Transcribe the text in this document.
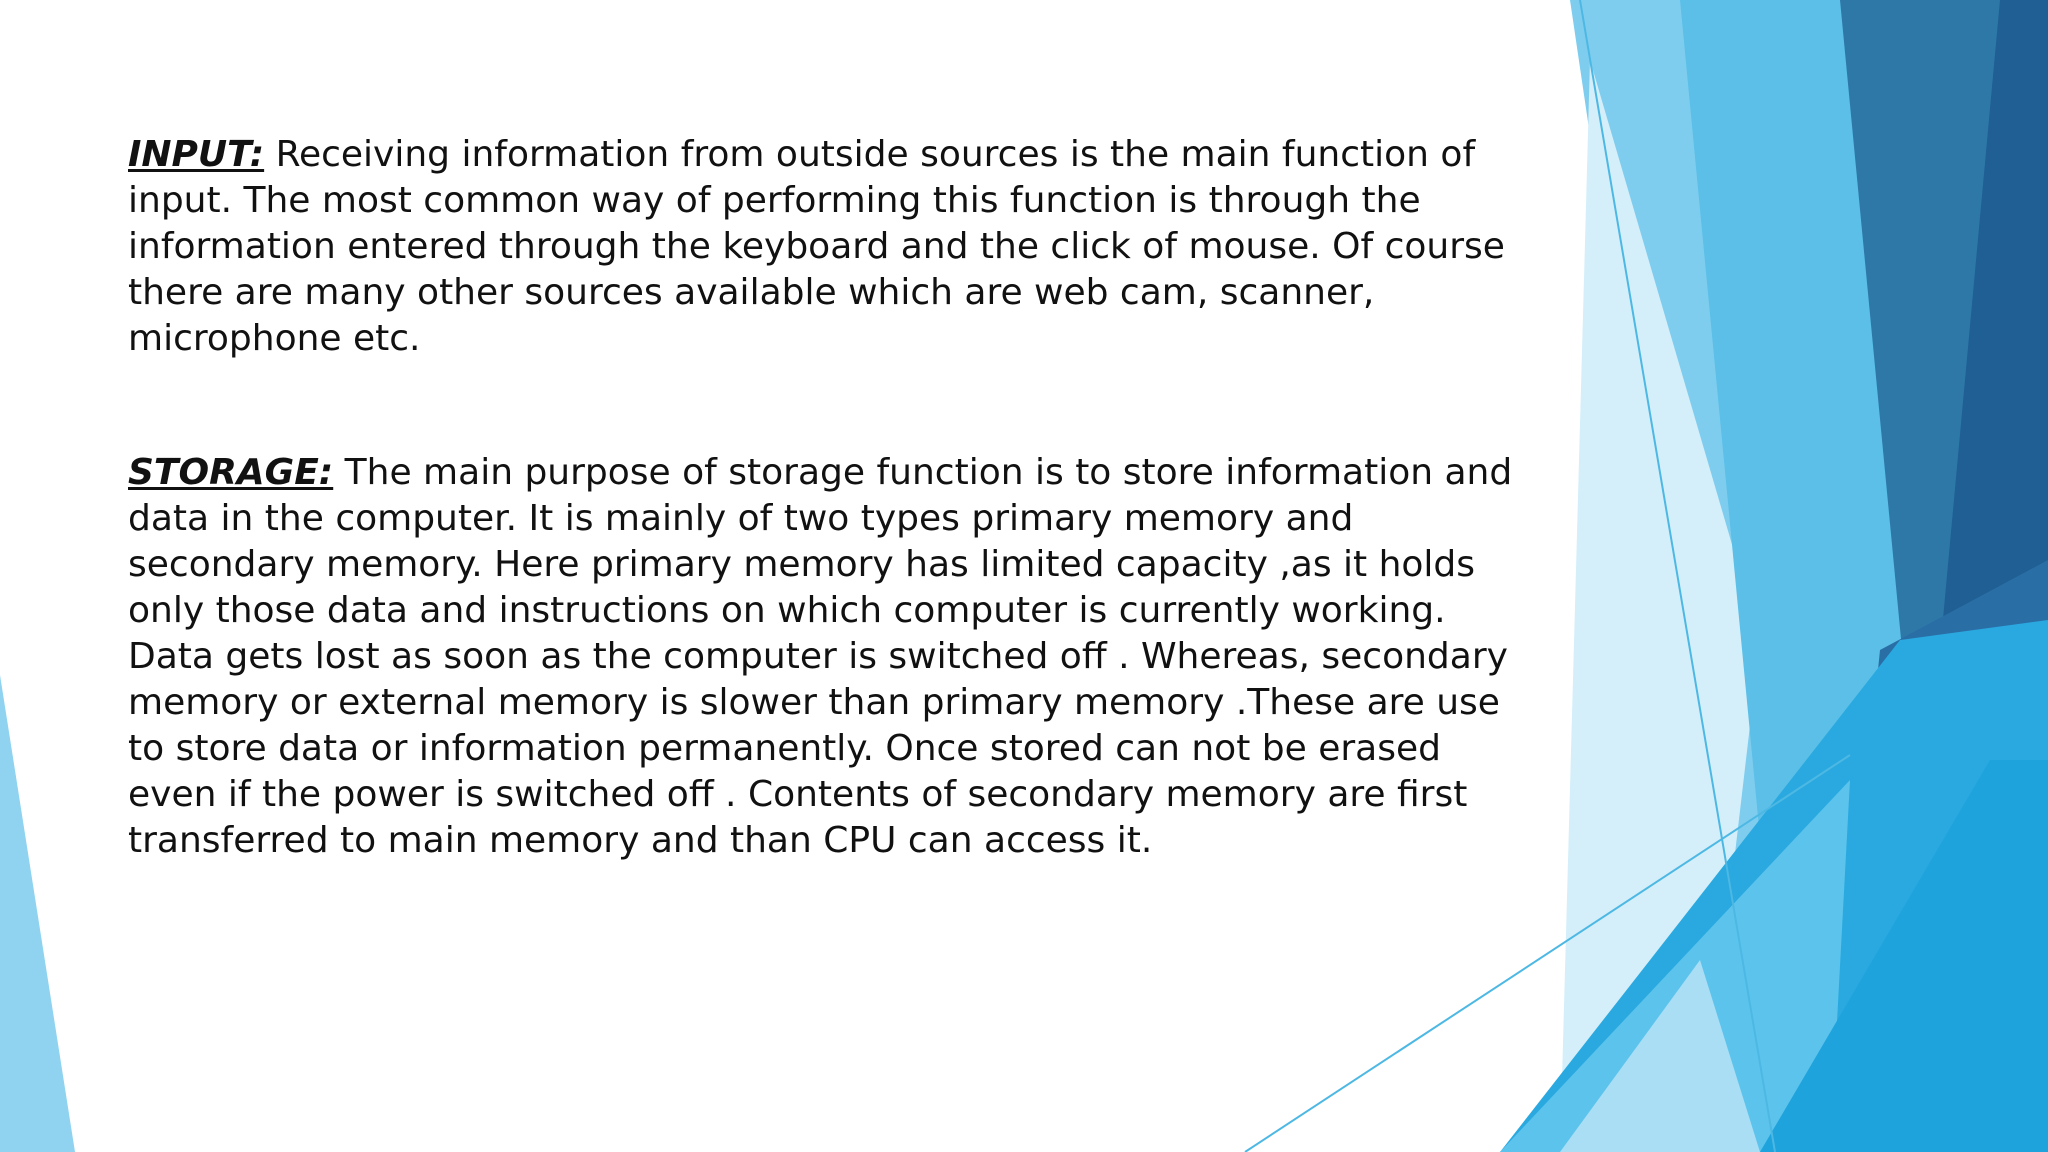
INPUT: Receiving information from outside sources is the main function of input. The most common way of performing this function is through the information entered through the keyboard and the click of mouse. Of course there are many other sources available which are web cam, scanner, microphone etc.

STORAGE: The main purpose of storage function is to store information and data in the computer. It is mainly of two types primary memory and secondary memory. Here primary memory has limited capacity ,as it holds only those data and instructions on which computer is currently working. Data gets lost as soon as the computer is switched off . Whereas, secondary memory or external memory is slower than primary memory .These are use to store data or information permanently. Once stored can not be erased even if the power is switched off . Contents of secondary memory are first transferred to main memory and than CPU can access it.
